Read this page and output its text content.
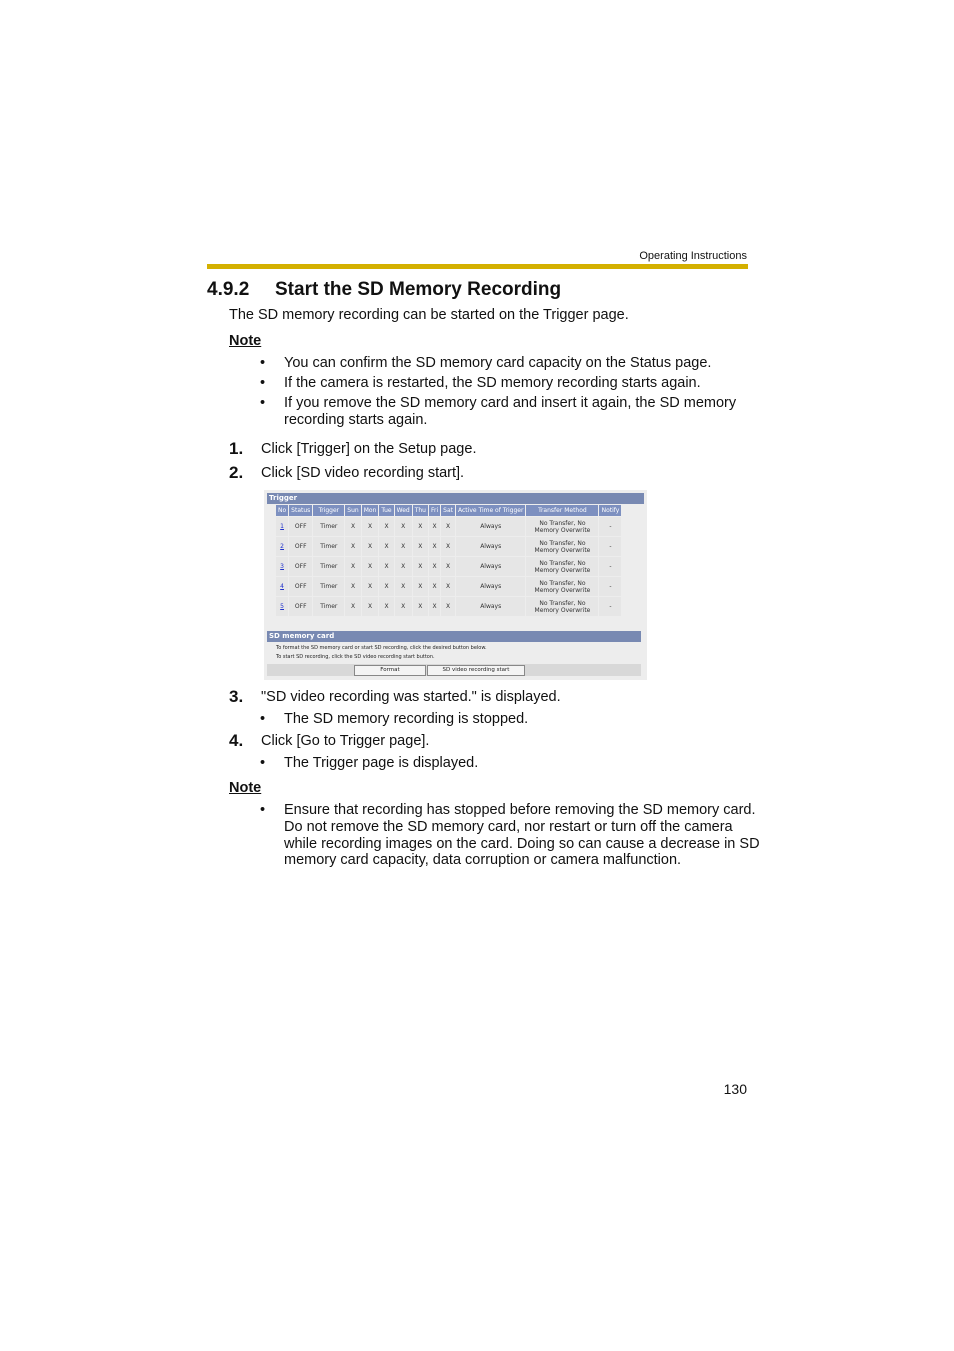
Operating Instructions
4.9.2 Start the SD Memory Recording
The SD memory recording can be started on the Trigger page.
Note
• You can confirm the SD memory card capacity on the Status page.
• If the camera is restarted, the SD memory recording starts again.
• If you remove the SD memory card and insert it again, the SD memory
recording starts again.
1. Click [Trigger] on the Setup page.
2. Click [SD video recording start].
Trigger
No	Status	Trigger	Sun	Mon	Tue	Wed	Thu	Fri	Sat	Active Time of Trigger	Transfer Method	Notify
1	OFF	Timer	X	X	X	X	X	X	X	Always	No Transfer, No Memory Overwrite	-
2	OFF	Timer	X	X	X	X	X	X	X	Always	No Transfer, No Memory Overwrite	-
3	OFF	Timer	X	X	X	X	X	X	X	Always	No Transfer, No Memory Overwrite	-
4	OFF	Timer	X	X	X	X	X	X	X	Always	No Transfer, No Memory Overwrite	-
5	OFF	Timer	X	X	X	X	X	X	X	Always	No Transfer, No Memory Overwrite	-
SD memory card
To format the SD memory card or start SD recording, click the desired button below.
To start SD recording, click the SD video recording start button.
Format	SD video recording start
3. "SD video recording was started." is displayed.
• The SD memory recording is stopped.
4. Click [Go to Trigger page].
• The Trigger page is displayed.
Note
• Ensure that recording has stopped before removing the SD memory card.
Do not remove the SD memory card, nor restart or turn off the camera
while recording images on the card. Doing so can cause a decrease in SD
memory card capacity, data corruption or camera malfunction.
130
